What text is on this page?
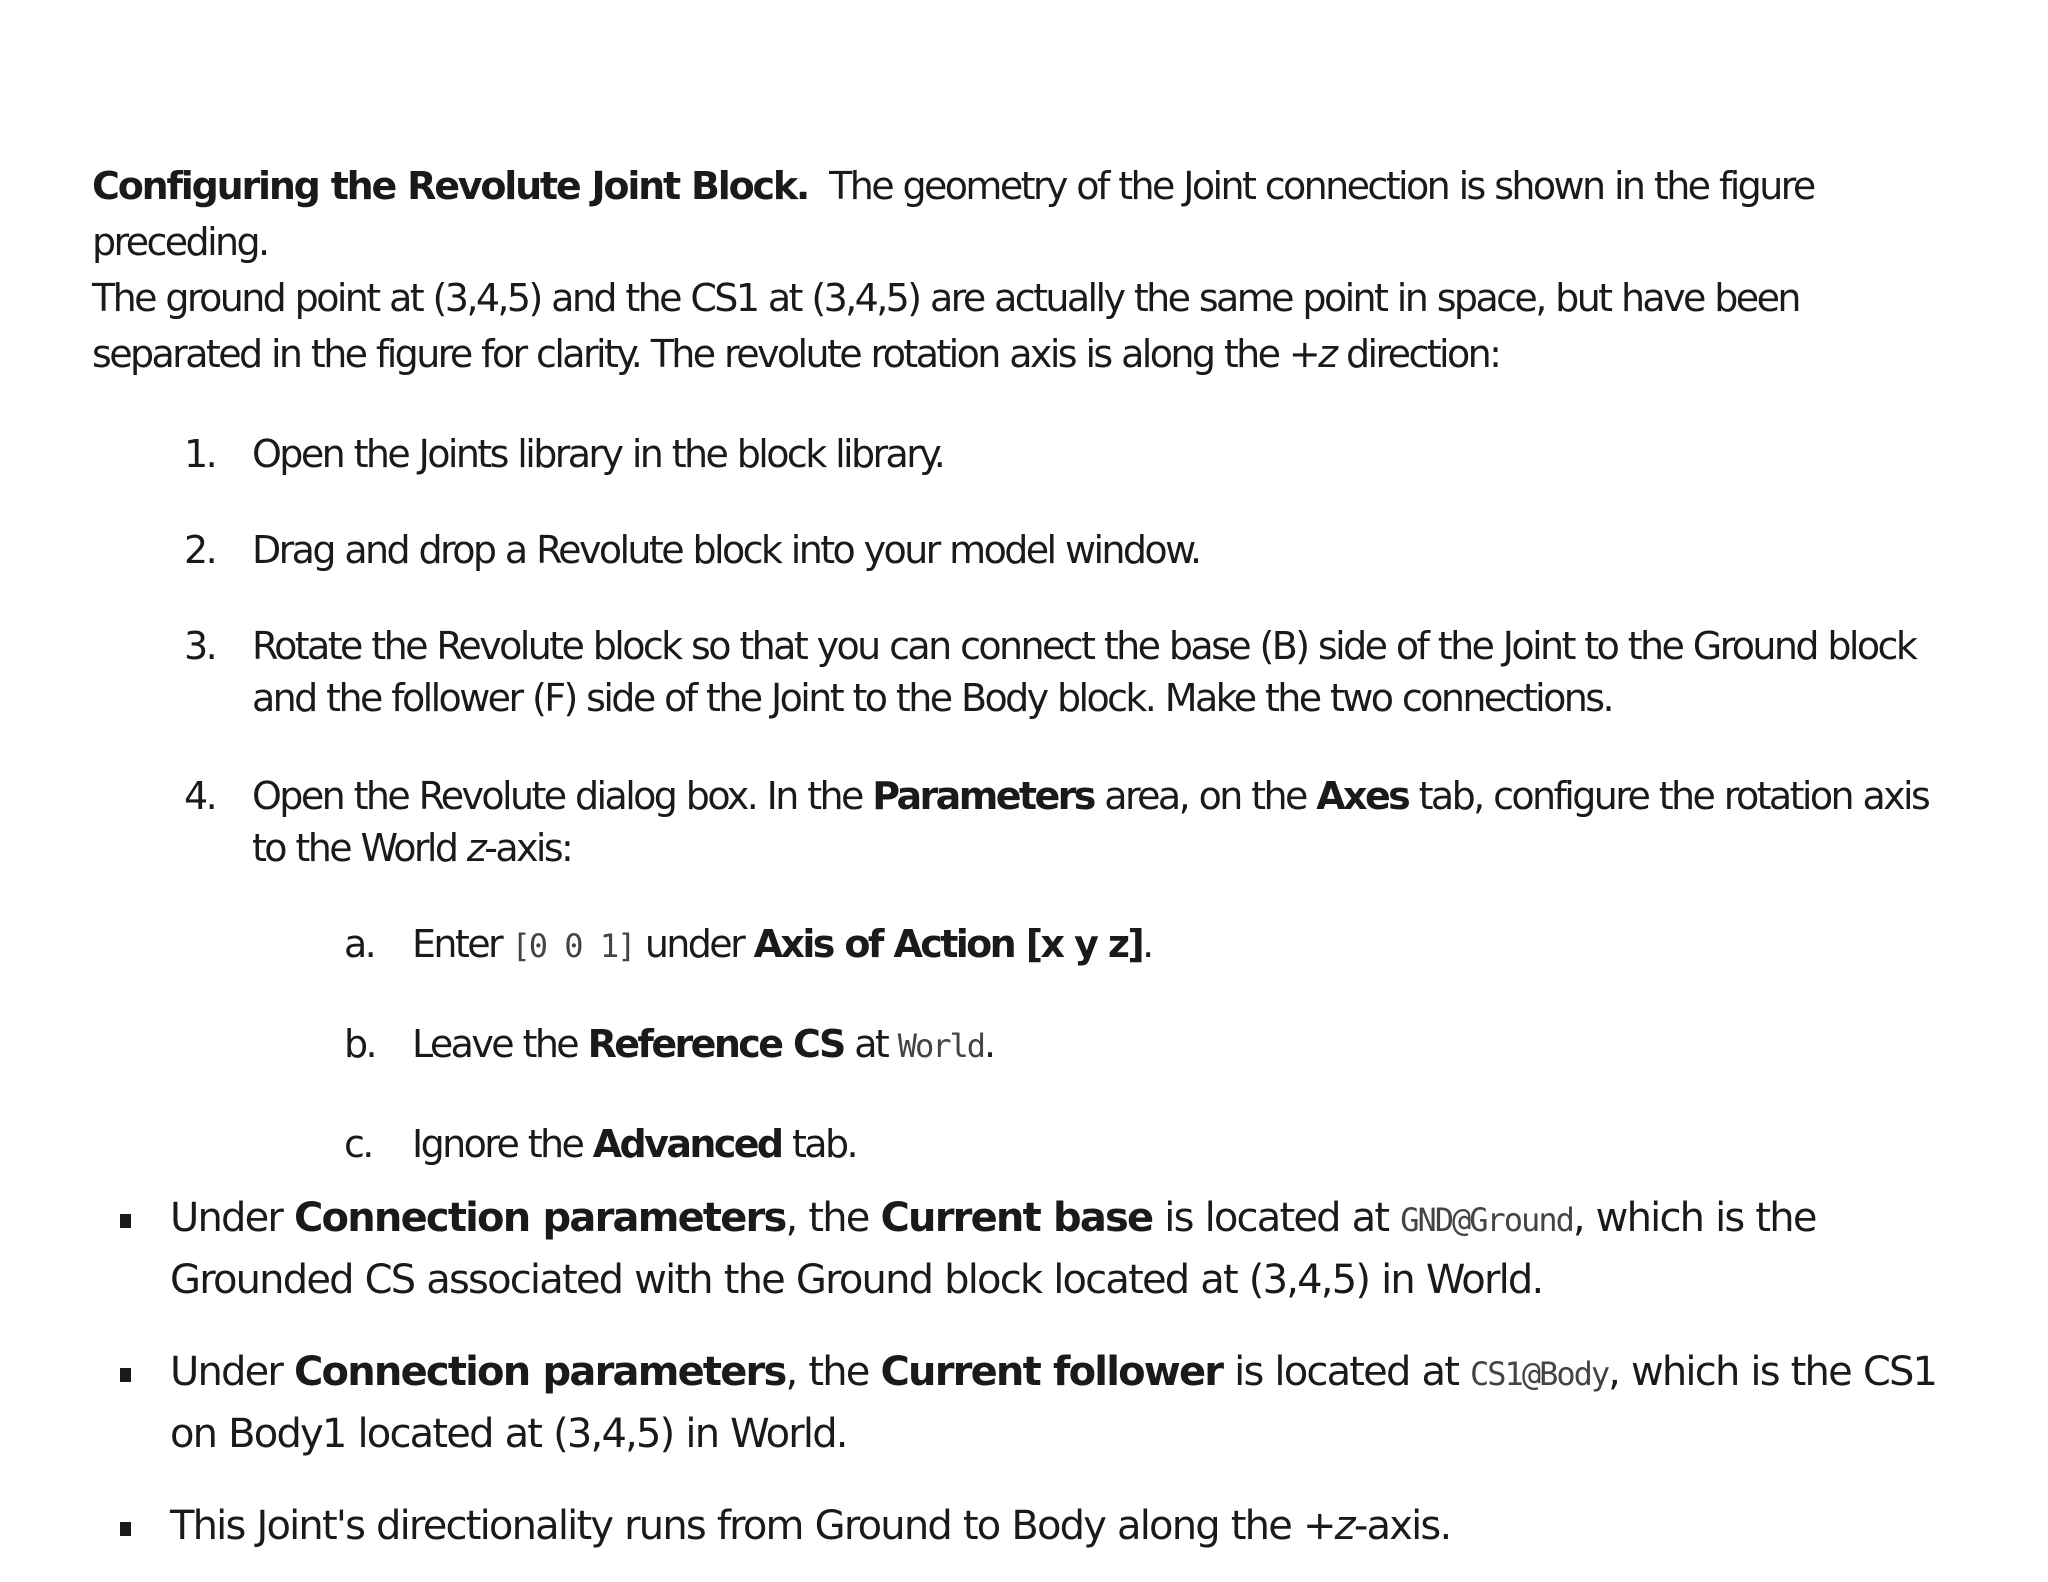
Configuring the Revolute Joint Block. The geometry of the Joint connection is shown in the figure preceding.
The ground point at (3,4,5) and the CS1 at (3,4,5) are actually the same point in space, but have been
separated in the figure for clarity. The revolute rotation axis is along the +z direction:

1. Open the Joints library in the block library.
2. Drag and drop a Revolute block into your model window.
3. Rotate the Revolute block so that you can connect the base (B) side of the Joint to the Ground block
and the follower (F) side of the Joint to the Body block. Make the two connections.
4. Open the Revolute dialog box. In the Parameters area, on the Axes tab, configure the rotation axis
to the World z-axis:
a. Enter [0 0 1] under Axis of Action [x y z].
b. Leave the Reference CS at World.
c. Ignore the Advanced tab.
Under Connection parameters, the Current base is located at GND@Ground, which is the
Grounded CS associated with the Ground block located at (3,4,5) in World.
Under Connection parameters, the Current follower is located at CS1@Body, which is the CS1
on Body1 located at (3,4,5) in World.
This Joint's directionality runs from Ground to Body along the +z-axis.
